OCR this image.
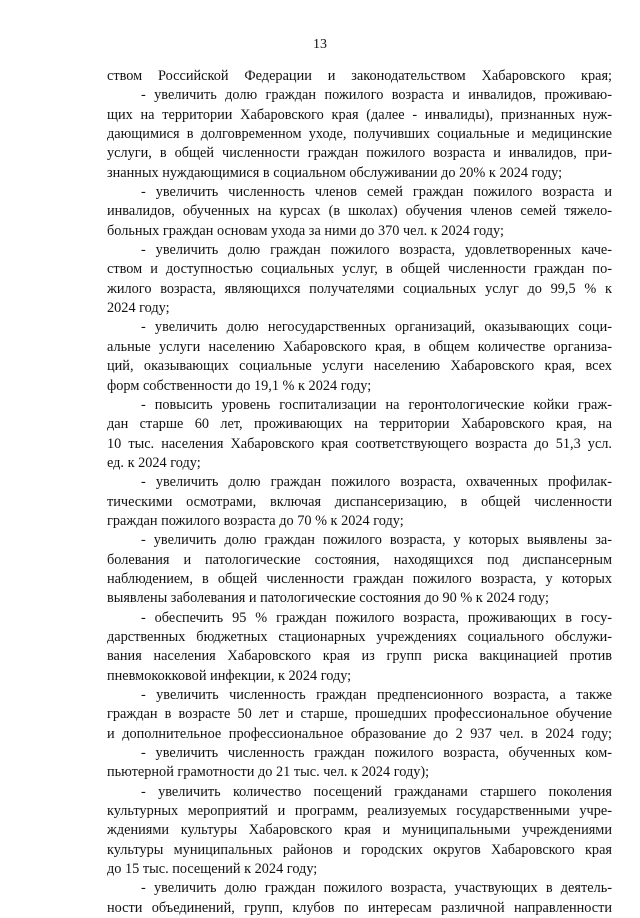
13
ством Российской Федерации и законодательством Хабаровского края;
- увеличить долю граждан пожилого возраста и инвалидов, проживаю-
щих на территории Хабаровского края (далее - инвалиды), признанных нуж-
дающимися в долговременном уходе, получивших социальные и медицинские
услуги, в общей численности граждан пожилого возраста и инвалидов, при-
знанных нуждающимися в социальном обслуживании до 20% к 2024 году;
- увеличить численность членов семей граждан пожилого возраста и
инвалидов, обученных на курсах (в школах) обучения членов семей тяжело-
больных граждан основам ухода за ними до 370 чел. к 2024 году;
- увеличить долю граждан пожилого возраста, удовлетворенных каче-
ством и доступностью социальных услуг, в общей численности граждан по-
жилого возраста, являющихся получателями социальных услуг до 99,5 % к
2024 году;
- увеличить долю негосударственных организаций, оказывающих соци-
альные услуги населению Хабаровского края, в общем количестве организа-
ций, оказывающих социальные услуги населению Хабаровского края, всех
форм собственности до 19,1 % к 2024 году;
- повысить уровень госпитализации на геронтологические койки граж-
дан старше 60 лет, проживающих на территории Хабаровского края, на
10 тыс. населения Хабаровского края соответствующего возраста до 51,3 усл.
ед. к 2024 году;
- увеличить долю граждан пожилого возраста, охваченных профилак-
тическими осмотрами, включая диспансеризацию, в общей численности
граждан пожилого возраста до 70 % к 2024 году;
- увеличить долю граждан пожилого возраста, у которых выявлены за-
болевания и патологические состояния, находящихся под диспансерным
наблюдением, в общей численности граждан пожилого возраста, у которых
выявлены заболевания и патологические состояния до 90 % к 2024 году;
- обеспечить 95 % граждан пожилого возраста, проживающих в госу-
дарственных бюджетных стационарных учреждениях социального обслужи-
вания населения Хабаровского края из групп риска вакцинацией против
пневмококковой инфекции, к 2024 году;
- увеличить численность граждан предпенсионного возраста, а также
граждан в возрасте 50 лет и старше, прошедших профессиональное обучение
и дополнительное профессиональное образование до 2 937 чел. в 2024 году;
- увеличить численность граждан пожилого возраста, обученных ком-
пьютерной грамотности до 21 тыс. чел. к 2024 году);
- увеличить количество посещений гражданами старшего поколения
культурных мероприятий и программ, реализуемых государственными учре-
ждениями культуры Хабаровского края и муниципальными учреждениями
культуры муниципальных районов и городских округов Хабаровского края
до 15 тыс. посещений к 2024 году;
- увеличить долю граждан пожилого возраста, участвующих в деятель-
ности объединений, групп, клубов по интересам различной направленности
